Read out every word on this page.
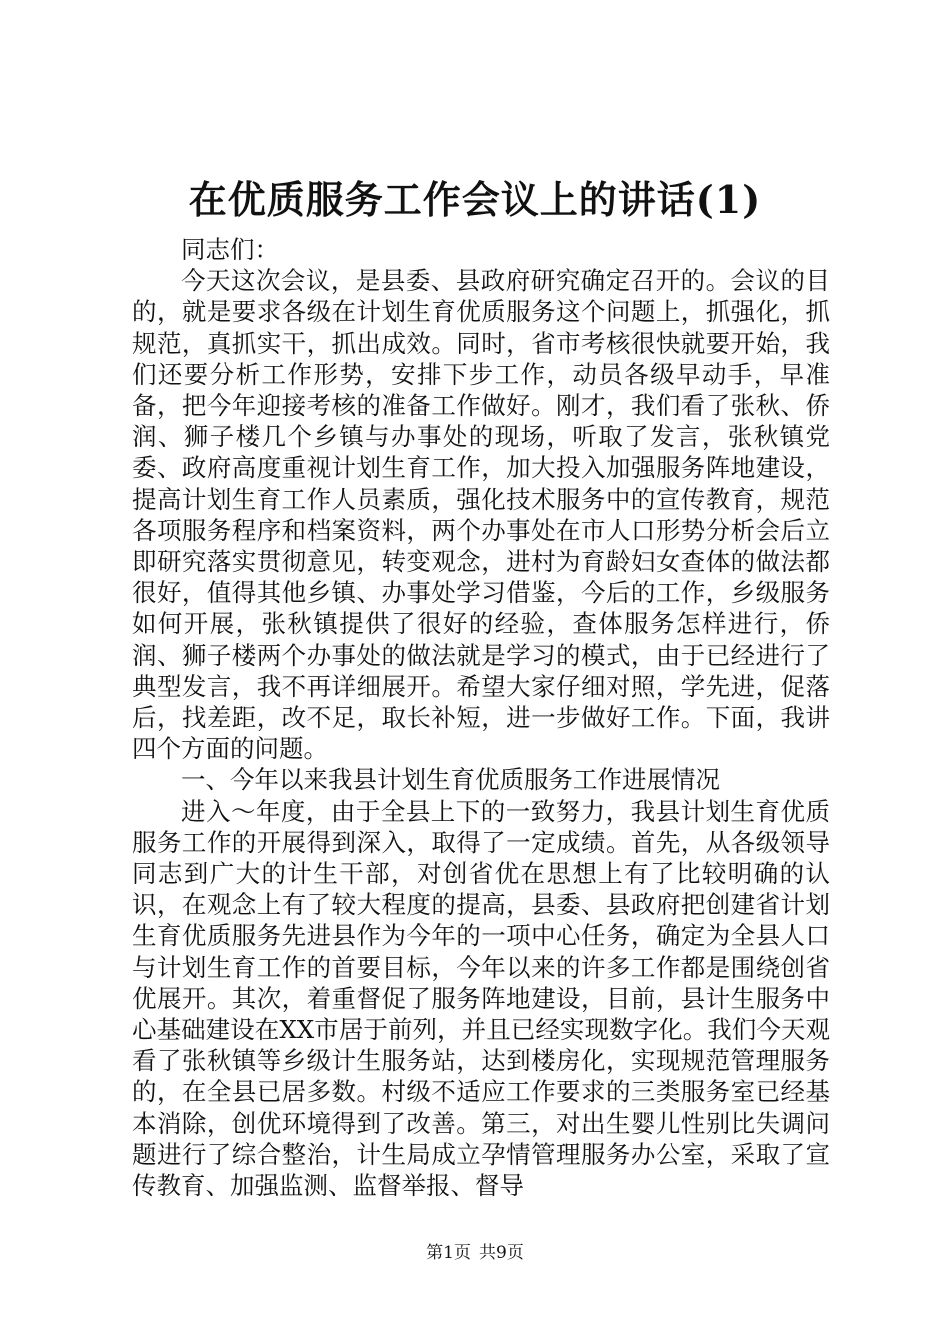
在优质服务工作会议上的讲话(1)

同志们：

今天这次会议，是县委、县政府研究确定召开的。会议的目的，就是要求各级在计划生育优质服务这个问题上，抓强化，抓规范，真抓实干，抓出成效。同时，省市考核很快就要开始，我们还要分析工作形势，安排下步工作，动员各级早动手，早准备，把今年迎接考核的准备工作做好。刚才，我们看了张秋、侨润、狮子楼几个乡镇与办事处的现场，听取了发言，张秋镇党委、政府高度重视计划生育工作，加大投入加强服务阵地建设，提高计划生育工作人员素质，强化技术服务中的宣传教育，规范各项服务程序和档案资料，两个办事处在市人口形势分析会后立即研究落实贯彻意见，转变观念，进村为育龄妇女查体的做法都很好，值得其他乡镇、办事处学习借鉴，今后的工作，乡级服务如何开展，张秋镇提供了很好的经验，查体服务怎样进行，侨润、狮子楼两个办事处的做法就是学习的模式，由于已经进行了典型发言，我不再详细展开。希望大家仔细对照，学先进，促落后，找差距，改不足，取长补短，进一步做好工作。下面，我讲四个方面的问题。

一、今年以来我县计划生育优质服务工作进展情况

进入～年度，由于全县上下的一致努力，我县计划生育优质服务工作的开展得到深入，取得了一定成绩。首先，从各级领导同志到广大的计生干部，对创省优在思想上有了比较明确的认识，在观念上有了较大程度的提高，县委、县政府把创建省计划生育优质服务先进县作为今年的一项中心任务，确定为全县人口与计划生育工作的首要目标，今年以来的许多工作都是围绕创省优展开。其次，着重督促了服务阵地建设，目前，县计生服务中心基础建设在XX市居于前列，并且已经实现数字化。我们今天观看了张秋镇等乡级计生服务站，达到楼房化，实现规范管理服务的，在全县已居多数。村级不适应工作要求的三类服务室已经基本消除，创优环境得到了改善。第三，对出生婴儿性别比失调问题进行了综合整治，计生局成立孕情管理服务办公室，采取了宣传教育、加强监测、监督举报、督导

第1页 共9页
